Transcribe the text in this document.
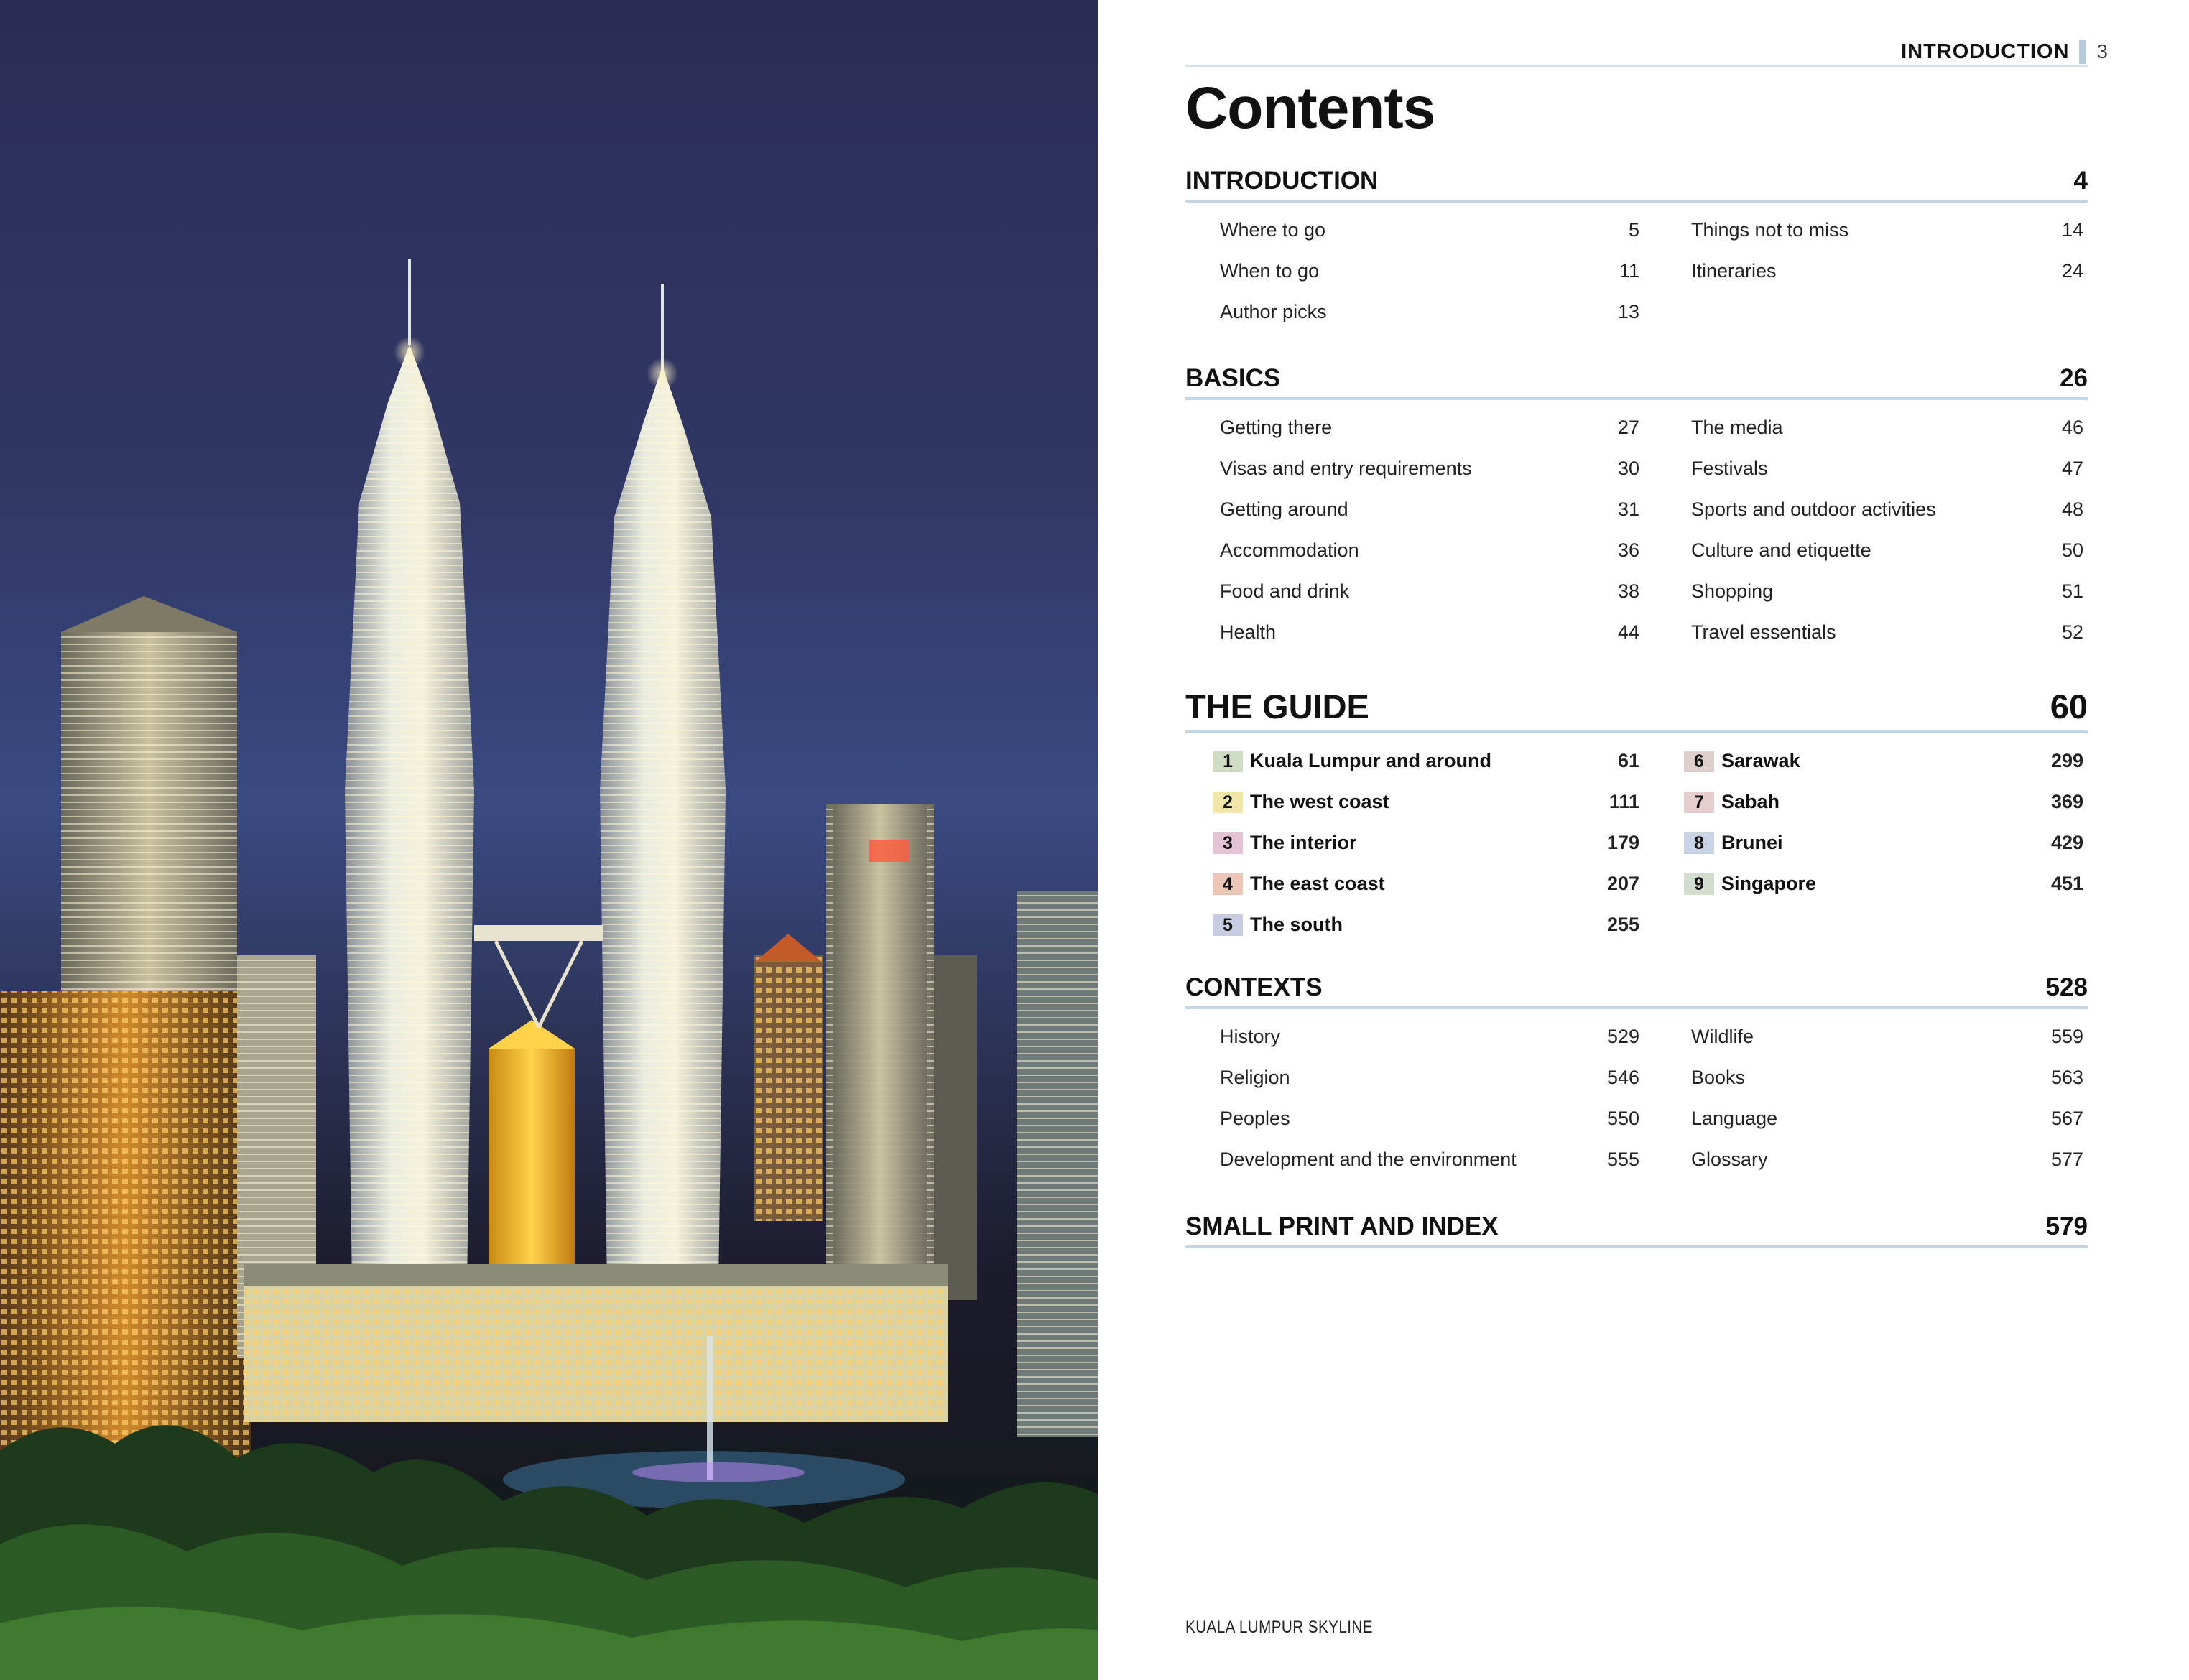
INTRODUCTION 3
Contents
INTRODUCTION	4
Where to go	5
When to go	11
Author picks	13
Things not to miss	14
Itineraries	24
BASICS	26
Getting there	27
Visas and entry requirements	30
Getting around	31
Accommodation	36
Food and drink	38
Health	44
The media	46
Festivals	47
Sports and outdoor activities	48
Culture and etiquette	50
Shopping	51
Travel essentials	52
THE GUIDE	60
1 Kuala Lumpur and around	61
2 The west coast	111
3 The interior	179
4 The east coast	207
5 The south	255
6 Sarawak	299
7 Sabah	369
8 Brunei	429
9 Singapore	451
CONTEXTS	528
History	529
Religion	546
Peoples	550
Development and the environment	555
Wildlife	559
Books	563
Language	567
Glossary	577
SMALL PRINT AND INDEX	579
KUALA LUMPUR SKYLINE
